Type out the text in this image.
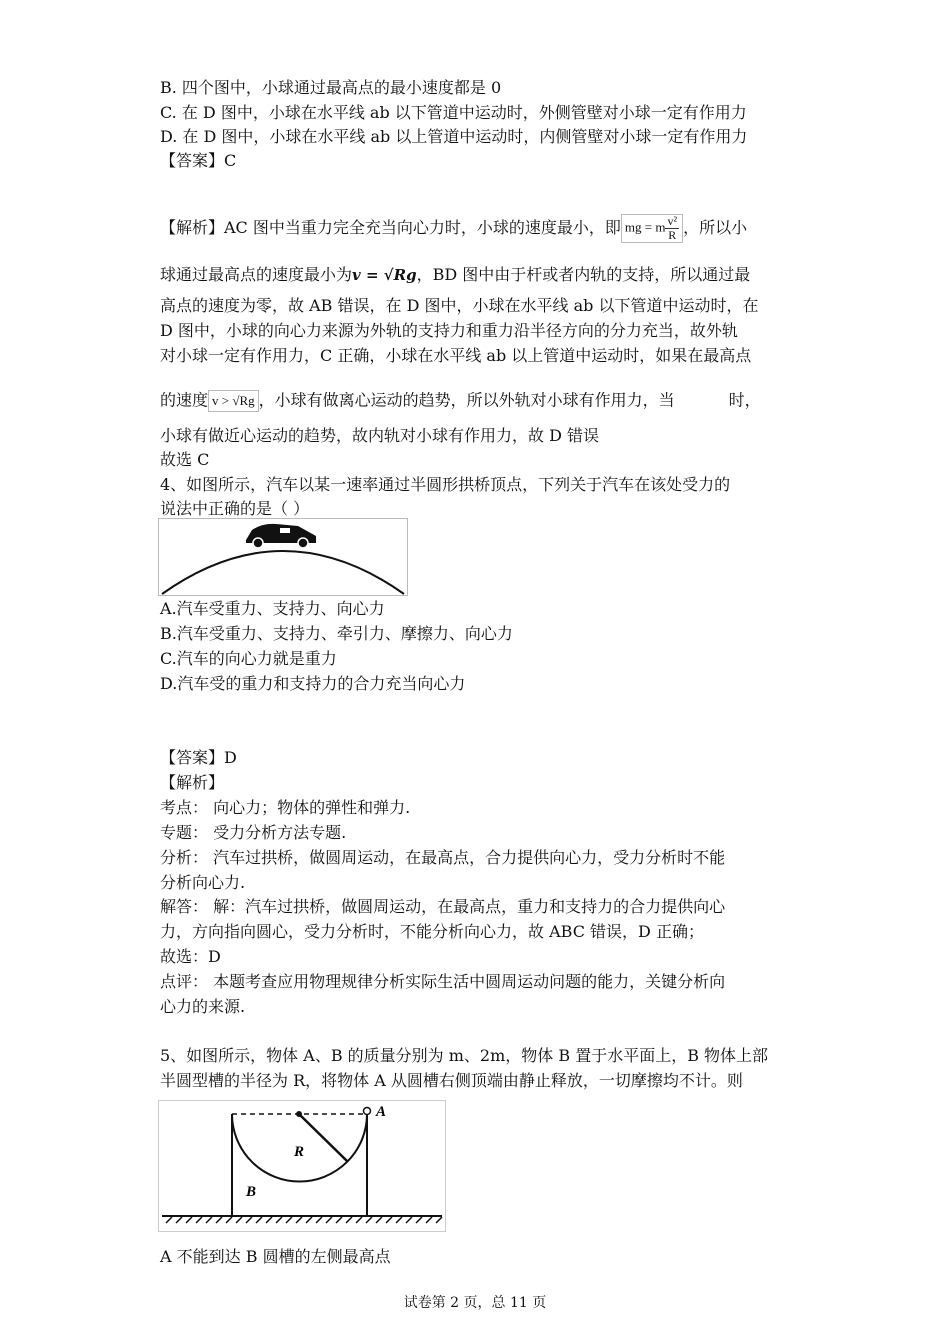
B. 四个图中，小球通过最高点的最小速度都是 0
C. 在 D 图中，小球在水平线 ab 以下管道中运动时，外侧管壁对小球一定有作用力
D. 在 D 图中，小球在水平线 ab 以上管道中运动时，内侧管壁对小球一定有作用力
【答案】C
【解析】AC 图中当重力完全充当向心力时，小球的速度最小，即 mg = m $\frac{\text{v²}}{R}$ ，所以小
球通过最高点的速度最小为v = √Rg，BD 图中由于杆或者内轨的支持，所以通过最
高点的速度为零，故 AB 错误，在 D 图中，小球在水平线 ab 以下管道中运动时，在
D 图中，小球的向心力来源为外轨的支持力和重力沿半径方向的分力充当，故外轨
对小球一定有作用力，C 正确，小球在水平线 ab 以上管道中运动时，如果在最高点
的速度 v > √Rg ，小球有做离心运动的趋势，所以外轨对小球有作用力，当	时，
小球有做近心运动的趋势，故内轨对小球有作用力，故 D 错误
故选 C
4、如图所示，汽车以某一速率通过半圆形拱桥顶点，下列关于汽车在该处受力的
说法中正确的是（ ）
A.汽车受重力、支持力、向心力
B.汽车受重力、支持力、牵引力、摩擦力、向心力
C.汽车的向心力就是重力
D.汽车受的重力和支持力的合力充当向心力
【答案】D
【解析】
考点： 向心力；物体的弹性和弹力.
专题： 受力分析方法专题.
分析： 汽车过拱桥，做圆周运动，在最高点，合力提供向心力，受力分析时不能
分析向心力.
解答： 解：汽车过拱桥，做圆周运动，在最高点，重力和支持力的合力提供向心
力，方向指向圆心，受力分析时，不能分析向心力，故 ABC 错误，D 正确；
故选：D
点评： 本题考查应用物理规律分析实际生活中圆周运动问题的能力，关键分析向
心力的来源.
5、如图所示，物体 A、B 的质量分别为 m、2m，物体 B 置于水平面上，B 物体上部
半圆型槽的半径为 R，将物体 A 从圆槽右侧顶端由静止释放，一切摩擦均不计。则
A
R
B
A 不能到达 B 圆槽的左侧最高点
试卷第 2 页，总 11 页
